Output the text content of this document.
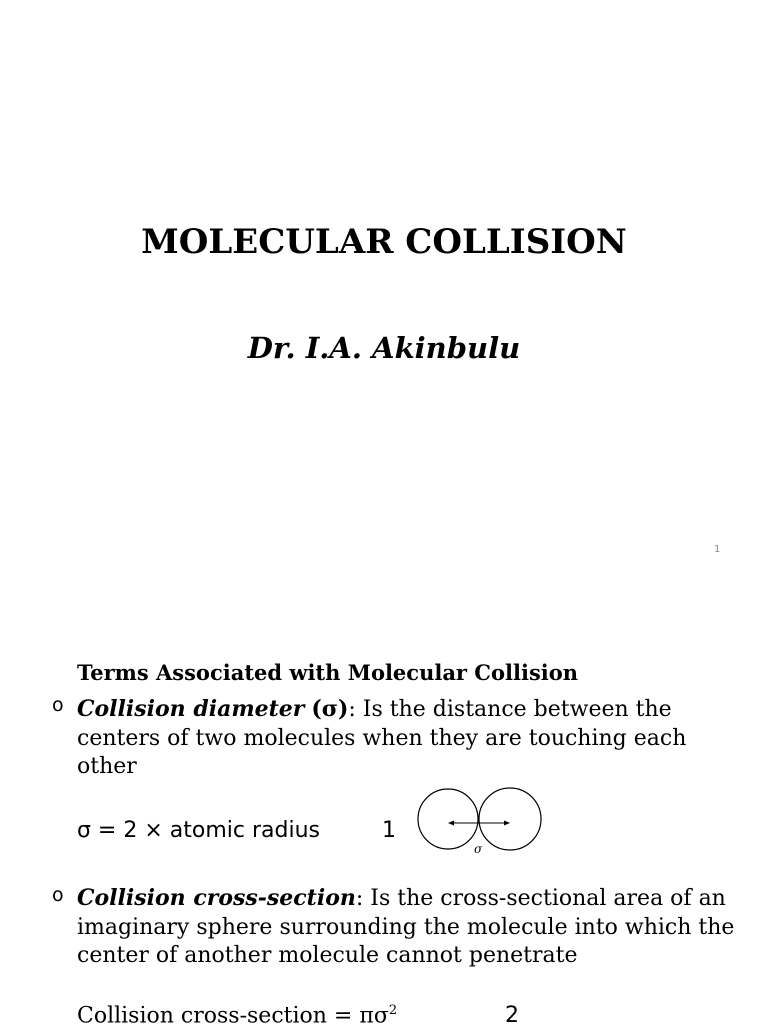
MOLECULAR COLLISION
Dr. I.A. Akinbulu
1
Terms Associated with Molecular Collision
o Collision diameter (σ): Is the distance between the centers of two molecules when they are touching each other
σ = 2 × atomic radius	1
σ
o Collision cross-section: Is the cross-sectional area of an imaginary sphere surrounding the molecule into which the center of another molecule cannot penetrate
Collision cross-section = $\pi\sigma^2$	2
